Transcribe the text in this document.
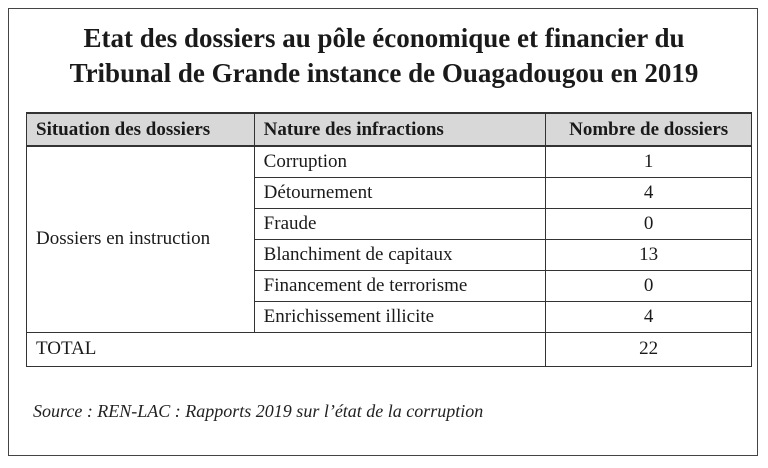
Etat des dossiers au pôle économique et financier du
Tribunal de Grande instance de Ouagadougou en 2019
Situation des dossiers	Nature des infractions	Nombre de dossiers
Dossiers en instruction	Corruption	1
	Détournement	4
	Fraude	0
	Blanchiment de capitaux	13
	Financement de terrorisme	0
	Enrichissement illicite	4
TOTAL		22
Source : REN-LAC : Rapports 2019 sur l’état de la corruption
